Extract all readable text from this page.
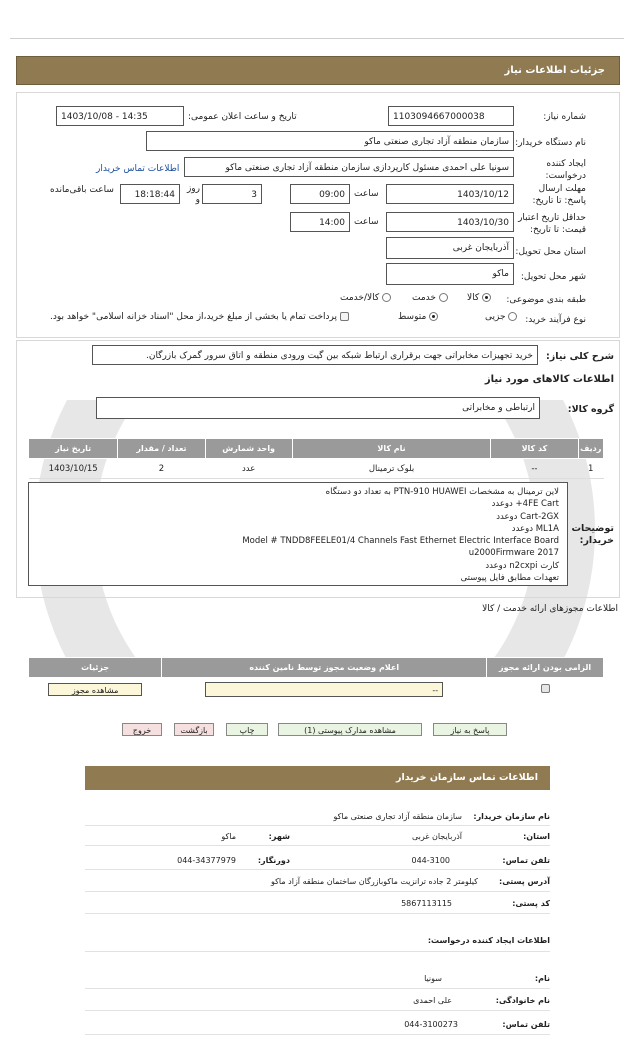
جزئیات اطلاعات نیاز
شماره نیاز:
1103094667000038
تاریخ و ساعت اعلان عمومی:
1403/10/08 - 14:35
نام دستگاه خریدار:
سازمان منطقه آزاد تجاری صنعتی ماکو
ایجاد کننده درخواست:
سونیا علی احمدی مسئول کارپردازی سازمان منطقه آزاد تجاری صنعتی ماکو
اطلاعات تماس خریدار
مهلت ارسال پاسخ: تا تاریخ:
1403/10/12
ساعت
09:00
3
روز و
18:18:44
ساعت باقی‌مانده
حداقل تاریخ اعتبار قیمت: تا تاریخ:
1403/10/30
ساعت
14:00
استان محل تحویل:
آذربایجان غربی
شهر محل تحویل:
ماکو
طبقه بندی موضوعی:
کالا
خدمت
کالا/خدمت
نوع فرآیند خرید:
جزیی
متوسط
پرداخت تمام یا بخشی از مبلغ خرید،از محل "اسناد خزانه اسلامی" خواهد بود.
شرح کلی نیاز:
خرید تجهیزات مخابراتی جهت برقراری ارتباط شبکه بین گیت ورودی منطقه و اتاق سرور گمرک بازرگان.
اطلاعات کالاهای مورد نیاز
گروه کالا:
ارتباطی و مخابراتی
ردیف	کد کالا	نام کالا	واحد شمارش	تعداد / مقدار	تاریخ نیاز
1	--	بلوک ترمینال	عدد	2	1403/10/15
توضیحات خریدار:
لاین ترمینال به مشخصات PTN-910 HUAWEI به تعداد دو دستگاه
4FE Cart+ دوعدد
Cart-2GX دوعدد
ML1A دوعدد
Model # TNDD8FEELE01/4 Channels Fast Ethernet Electric Interface Board
u2000Firmware 2017
کارت n2cxpi دوعدد
تعهدات مطابق فایل پیوستی
اطلاعات مجوزهای ارائه خدمت / کالا
الزامی بودن ارائه مجوز	اعلام وضعیت مجوز توسط نامین کننده	جزئیات

	--	مشاهده مجوز
پاسخ به نیاز
مشاهده مدارک پیوستی (1)
چاپ
بازگشت
خروج
اطلاعات تماس سازمان خریدار
نام سازمان خریدار:
سازمان منطقه آزاد تجاری صنعتی ماکو
استان:
آذربایجان غربی
شهر:
ماکو
تلفن تماس:
044-3100
دورنگار:
044-34377979
آدرس پستی:
کیلومتر 2 جاده ترانزیت ماکوبازرگان ساختمان منطقه آزاد ماکو
کد پستی:
5867113115
اطلاعات ایجاد کننده درخواست:
نام:
سونیا
نام خانوادگی:
علی احمدی
تلفن تماس:
044-3100273
